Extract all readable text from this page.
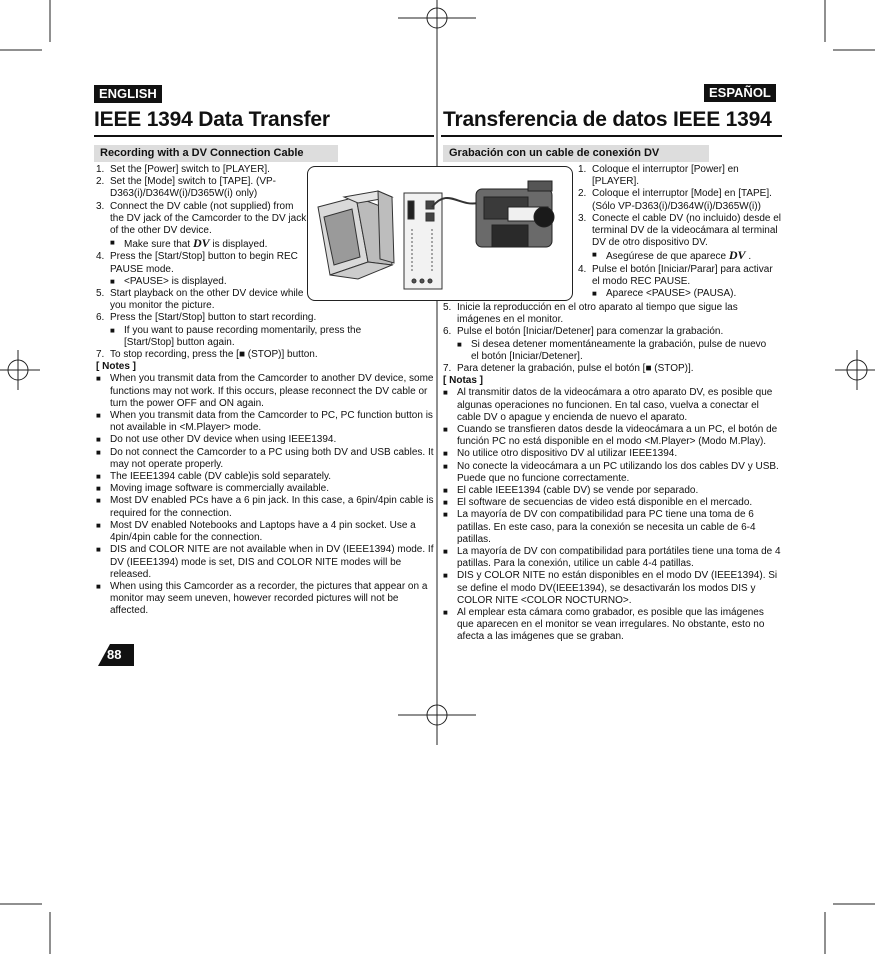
ENGLISH
IEEE 1394 Data Transfer
Recording with a DV Connection Cable
ESPAÑOL
Transferencia de datos IEEE 1394
Grabación con un cable de conexión DV
1. Set the [Power] switch to [PLAYER].
2. Set the [Mode] switch to [TAPE]. (VP-D363(i)/D364W(i)/D365W(i) only)
3. Connect the DV cable (not supplied) from the DV jack of the Camcorder to the DV jack of the other DV device.
■ Make sure that DV is displayed.
4. Press the [Start/Stop] button to begin REC PAUSE mode.
■ <PAUSE> is displayed.
5. Start playback on the other DV device while you monitor the picture.
6. Press the [Start/Stop] button to start recording.
■ If you want to pause recording momentarily, press the [Start/Stop] button again.
7. To stop recording, press the [■ (STOP)] button.

[ Notes ]

■ When you transmit data from the Camcorder to another DV device, some functions may not work. If this occurs, please reconnect the DV cable or turn the power OFF and ON again.
■ When you transmit data from the Camcorder to PC, PC function button is not available in <M.Player> mode.
■ Do not use other DV device when using IEEE1394.
■ Do not connect the Camcorder to a PC using both DV and USB cables. It may not operate properly.
■ The IEEE1394 cable (DV cable)is sold separately.
■ Moving image software is commercially available.
■ Most DV enabled PCs have a 6 pin jack. In this case, a 6pin/4pin cable is required for the connection.
■ Most DV enabled Notebooks and Laptops have a 4 pin socket. Use a 4pin/4pin cable for the connection.
■ DIS and COLOR NITE are not available when in DV (IEEE1394) mode. If DV (IEEE1394) mode is set, DIS and COLOR NITE modes will be released.
■ When using this Camcorder as a recorder, the pictures that appear on a monitor may seem uneven, however recorded pictures will not be affected.
1. Coloque el interruptor [Power] en [PLAYER].
2. Coloque el interruptor [Mode] en [TAPE]. (Sólo VP-D363(i)/D364W(i)/D365W(i))
3. Conecte el cable DV (no incluido) desde el terminal DV de la videocámara al terminal DV de otro dispositivo DV.
■ Asegúrese de que aparece DV .
4. Pulse el botón [Iniciar/Parar] para activar el modo REC PAUSE.
■ Aparece <PAUSE> (PAUSA).
5. Inicie la reproducción en el otro aparato al tiempo que sigue las imágenes en el monitor.
6. Pulse el botón [Iniciar/Detener] para comenzar la grabación.
■ Si desea detener momentáneamente la grabación, pulse de nuevo el botón [Iniciar/Detener].
7. Para detener la grabación, pulse el botón [■ (STOP)].

[ Notas ]

■ Al transmitir datos de la videocámara a otro aparato DV, es posible que algunas operaciones no funcionen. En tal caso, vuelva a conectar el cable DV o apague y encienda de nuevo el aparato.
■ Cuando se transfieren datos desde la videocámara a un PC, el botón de función PC no está disponible en el modo <M.Player> (Modo M.Play).
■ No utilice otro dispositivo DV al utilizar IEEE1394.
■ No conecte la videocámara a un PC utilizando los dos cables DV y USB. Puede que no funcione correctamente.
■ El cable IEEE1394 (cable DV) se vende por separado.
■ El software de secuencias de video está disponible en el mercado.
■ La mayoría de DV con compatibilidad para PC tiene una toma de 6 patillas. En este caso, para la conexión se necesita un cable de 6-4 patillas.
■ La mayoría de DV con compatibilidad para portátiles tiene una toma de 4 patillas. Para la conexión, utilice un cable 4-4 patillas.
■ DIS y COLOR NITE no están disponibles en el modo DV (IEEE1394). Si se define el modo DV(IEEE1394), se desactivarán los modos DIS y COLOR NITE <COLOR NOCTURNO>.
■ Al emplear esta cámara como grabador, es posible que las imágenes que aparecen en el monitor se vean irregulares. No obstante, esto no afecta a las imágenes que se graban.
88
